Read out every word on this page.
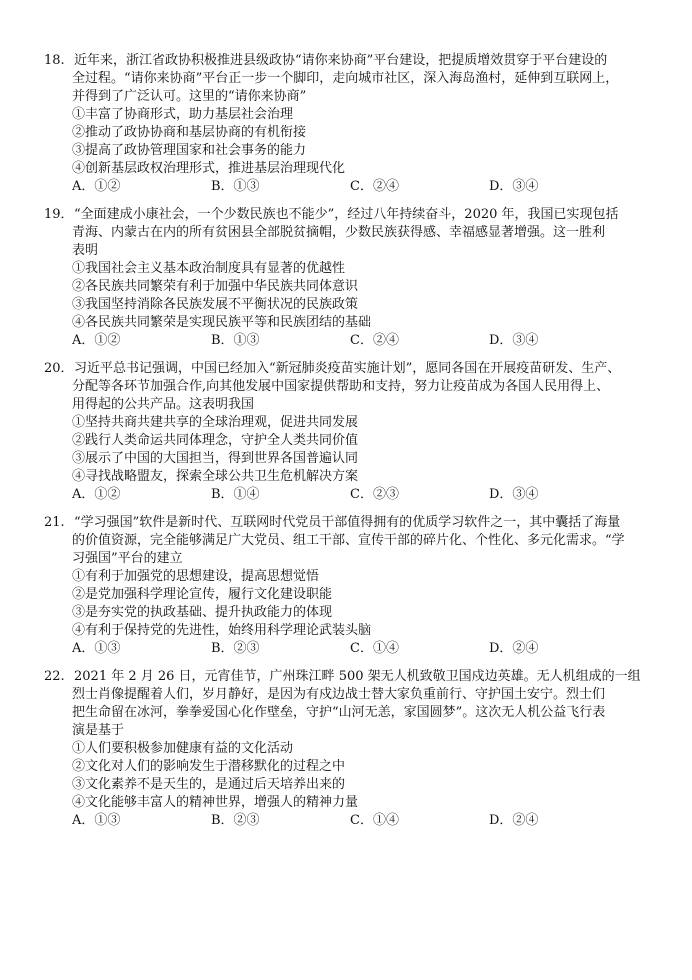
18. 近年来，浙江省政协积极推进县级政协“请你来协商”平台建设，把提质增效贯穿于平台建设的
全过程。“请你来协商”平台正一步一个脚印，走向城市社区，深入海岛渔村，延伸到互联网上，
并得到了广泛认可。这里的“请你来协商”
①丰富了协商形式，助力基层社会治理
②推动了政协协商和基层协商的有机衔接
③提高了政协管理国家和社会事务的能力
④创新基层政权治理形式，推进基层治理现代化
A．①②	B．①③	C．②④	D．③④
19．“全面建成小康社会，一个少数民族也不能少”，经过八年持续奋斗，2020 年，我国已实现包括
青海、内蒙古在内的所有贫困县全部脱贫摘帽，少数民族获得感、幸福感显著增强。这一胜利
表明
①我国社会主义基本政治制度具有显著的优越性
②各民族共同繁荣有利于加强中华民族共同体意识
③我国坚持消除各民族发展不平衡状况的民族政策
④各民族共同繁荣是实现民族平等和民族团结的基础
A．①②	B．①③	C．②④	D．③④
20．习近平总书记强调，中国已经加入“新冠肺炎疫苗实施计划”，愿同各国在开展疫苗研发、生产、
分配等各环节加强合作,向其他发展中国家提供帮助和支持，努力让疫苗成为各国人民用得上、
用得起的公共产品。这表明我国
①坚持共商共建共享的全球治理观，促进共同发展
②践行人类命运共同体理念，守护全人类共同价值
③展示了中国的大国担当，得到世界各国普遍认同
④寻找战略盟友，探索全球公共卫生危机解决方案
A．①②	B．①④	C．②③	D．③④
21. “学习强国”软件是新时代、互联网时代党员干部值得拥有的优质学习软件之一，其中囊括了海量
的价值资源，完全能够满足广大党员、组工干部、宣传干部的碎片化、个性化、多元化需求。“学
习强国”平台的建立
①有利于加强党的思想建设，提高思想觉悟
②是党加强科学理论宣传，履行文化建设职能
③是夯实党的执政基础、提升执政能力的体现
④有利于保持党的先进性，始终用科学理论武装头脑
A．①③	B．②③	C．①④	D．②④
22. 2021 年 2 月 26 日，元宵佳节，广州珠江畔 500 架无人机致敬卫国戍边英雄。无人机组成的一组
烈士肖像提醒着人们，岁月静好，是因为有戍边战士替大家负重前行、守护国土安宁。烈士们
把生命留在冰河，拳拳爱国心化作壁垒，守护“山河无恙，家国圆梦”。这次无人机公益飞行表
演是基于
①人们要积极参加健康有益的文化活动
②文化对人们的影响发生于潜移默化的过程之中
③文化素养不是天生的，是通过后天培养出来的
④文化能够丰富人的精神世界，增强人的精神力量
A．①③	B．②③	C．①④	D．②④
